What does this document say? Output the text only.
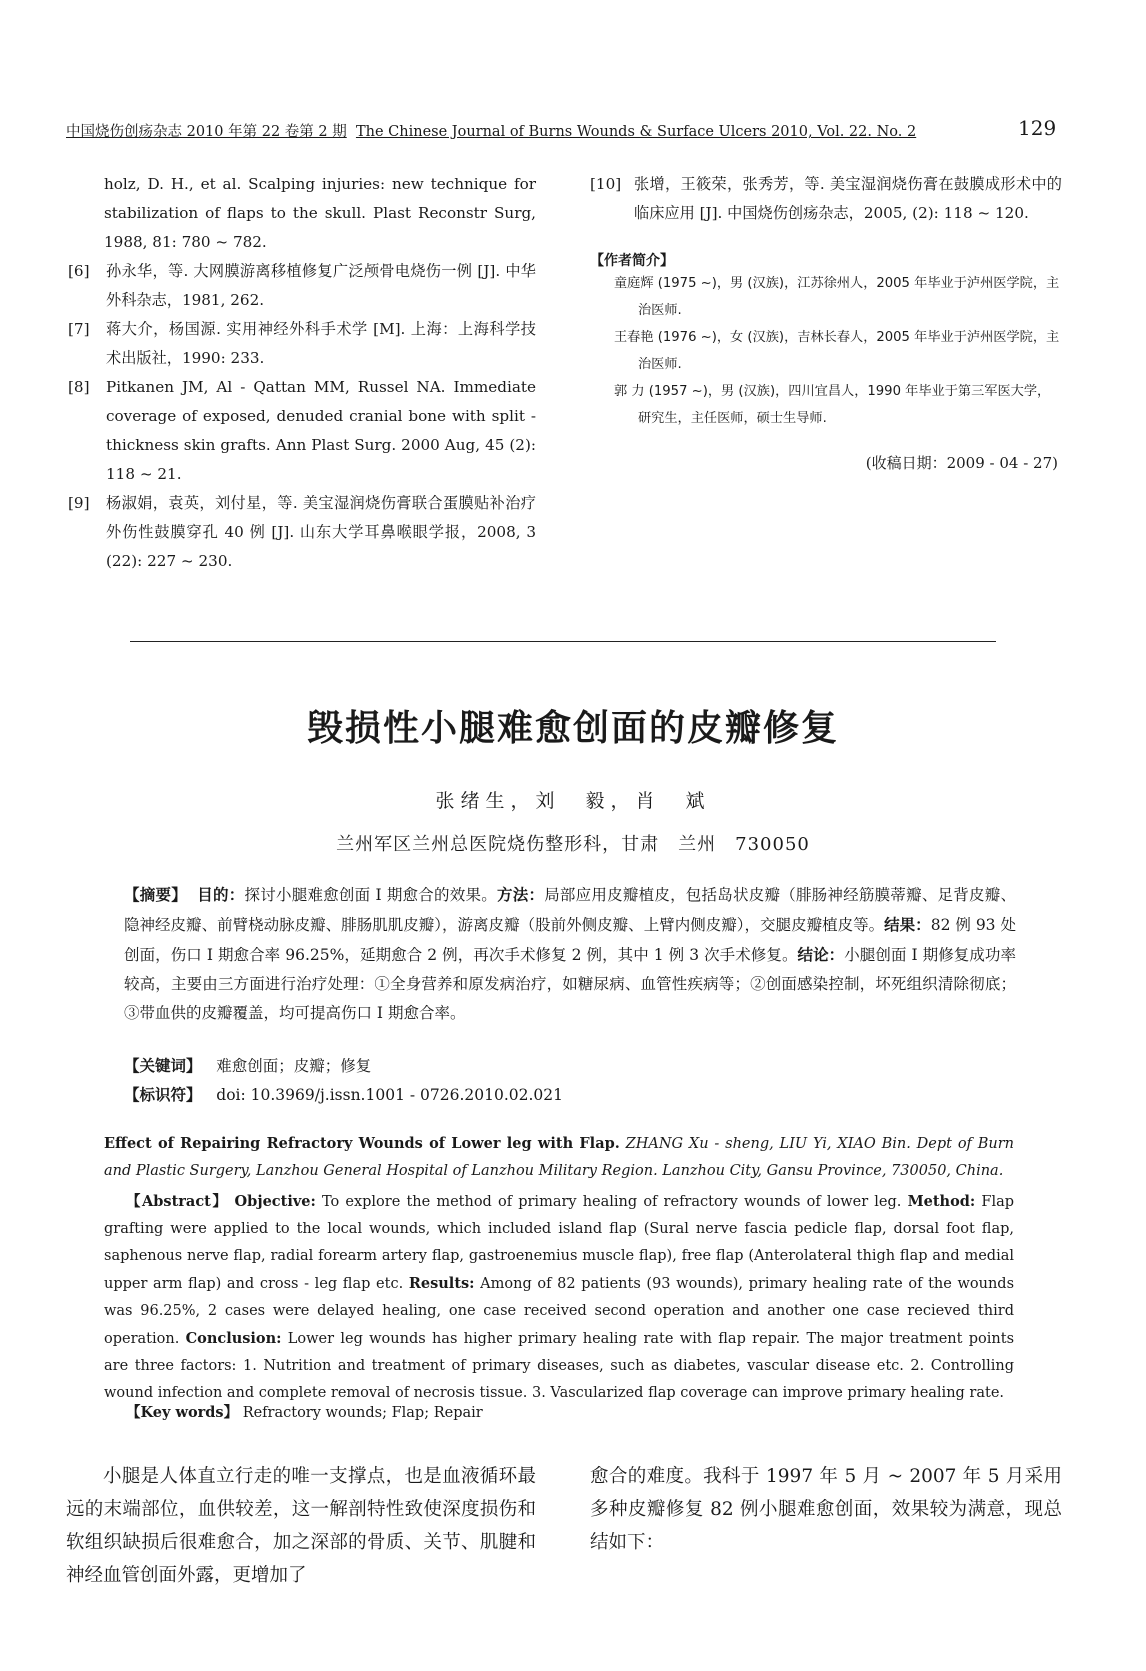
中国烧伤创疡杂志 2010 年第 22 卷第 2 期 The Chinese Journal of Burns Wounds & Surface Ulcers 2010, Vol. 22. No. 2	129
holz, D. H., et al. Scalping injuries: new technique for stabilization of flaps to the skull. Plast Reconstr Surg, 1988, 81: 780 ~ 782.
[6] 孙永华，等. 大网膜游离移植修复广泛颅骨电烧伤一例 [J]. 中华外科杂志，1981, 262.
[7] 蒋大介，杨国源. 实用神经外科手术学 [M]. 上海：上海科学技术出版社，1990: 233.
[8] Pitkanen JM, Al - Qattan MM, Russel NA. Immediate coverage of exposed, denuded cranial bone with split - thickness skin grafts. Ann Plast Surg. 2000 Aug, 45 (2): 118 ~ 21.
[9] 杨淑娟，袁英，刘付星，等. 美宝湿润烧伤膏联合蛋膜贴补治疗外伤性鼓膜穿孔 40 例 [J]. 山东大学耳鼻喉眼学报，2008, 3 (22): 227 ~ 230.
[10] 张增，王筱荣，张秀芳，等. 美宝湿润烧伤膏在鼓膜成形术中的临床应用 [J]. 中国烧伤创疡杂志，2005, (2): 118 ~ 120.
【作者简介】

童庭辉 (1975 ~)，男 (汉族)，江苏徐州人，2005 年毕业于泸州医学院，主治医师.

王春艳 (1976 ~)，女 (汉族)，吉林长春人，2005 年毕业于泸州医学院，主治医师.

郭 力 (1957 ~)，男 (汉族)，四川宜昌人，1990 年毕业于第三军医大学，研究生，主任医师，硕士生导师.

(收稿日期：2009 - 04 - 27)
毁损性小腿难愈创面的皮瓣修复
张绪生，刘　毅，肖　斌
兰州军区兰州总医院烧伤整形科，甘肃　兰州　730050
【摘要】 目的：探讨小腿难愈创面 I 期愈合的效果。方法：局部应用皮瓣植皮，包括岛状皮瓣（腓肠神经筋膜蒂瓣、足背皮瓣、隐神经皮瓣、前臂桡动脉皮瓣、腓肠肌肌皮瓣），游离皮瓣（股前外侧皮瓣、上臂内侧皮瓣），交腿皮瓣植皮等。结果：82 例 93 处创面，伤口 I 期愈合率 96.25%，延期愈合 2 例，再次手术修复 2 例，其中 1 例 3 次手术修复。结论：小腿创面 I 期修复成功率较高，主要由三方面进行治疗处理：①全身营养和原发病治疗，如糖尿病、血管性疾病等；②创面感染控制，坏死组织清除彻底；③带血供的皮瓣覆盖，均可提高伤口 I 期愈合率。
【关键词】 难愈创面；皮瓣；修复
【标识符】 doi: 10.3969/j.issn.1001 - 0726.2010.02.021
Effect of Repairing Refractory Wounds of Lower leg with Flap. ZHANG Xu - sheng, LIU Yi, XIAO Bin. Dept of Burn and Plastic Surgery, Lanzhou General Hospital of Lanzhou Military Region. Lanzhou City, Gansu Province, 730050, China.
【Abstract】 Objective: To explore the method of primary healing of refractory wounds of lower leg. Method: Flap grafting were applied to the local wounds, which included island flap (Sural nerve fascia pedicle flap, dorsal foot flap, saphenous nerve flap, radial forearm artery flap, gastroenemius muscle flap), free flap (Anterolateral thigh flap and medial upper arm flap) and cross - leg flap etc. Results: Among of 82 patients (93 wounds), primary healing rate of the wounds was 96.25%, 2 cases were delayed healing, one case received second operation and another one case recieved third operation. Conclusion: Lower leg wounds has higher primary healing rate with flap repair. The major treatment points are three factors: 1. Nutrition and treatment of primary diseases, such as diabetes, vascular disease etc. 2. Controlling wound infection and complete removal of necrosis tissue. 3. Vascularized flap coverage can improve primary healing rate.
【Key words】 Refractory wounds; Flap; Repair
小腿是人体直立行走的唯一支撑点，也是血液循环最远的末端部位，血供较差，这一解剖特性致使深度损伤和软组织缺损后很难愈合，加之深部的骨质、关节、肌腱和神经血管创面外露，更增加了
愈合的难度。我科于 1997 年 5 月 ~ 2007 年 5 月采用多种皮瓣修复 82 例小腿难愈创面，效果较为满意，现总结如下：
